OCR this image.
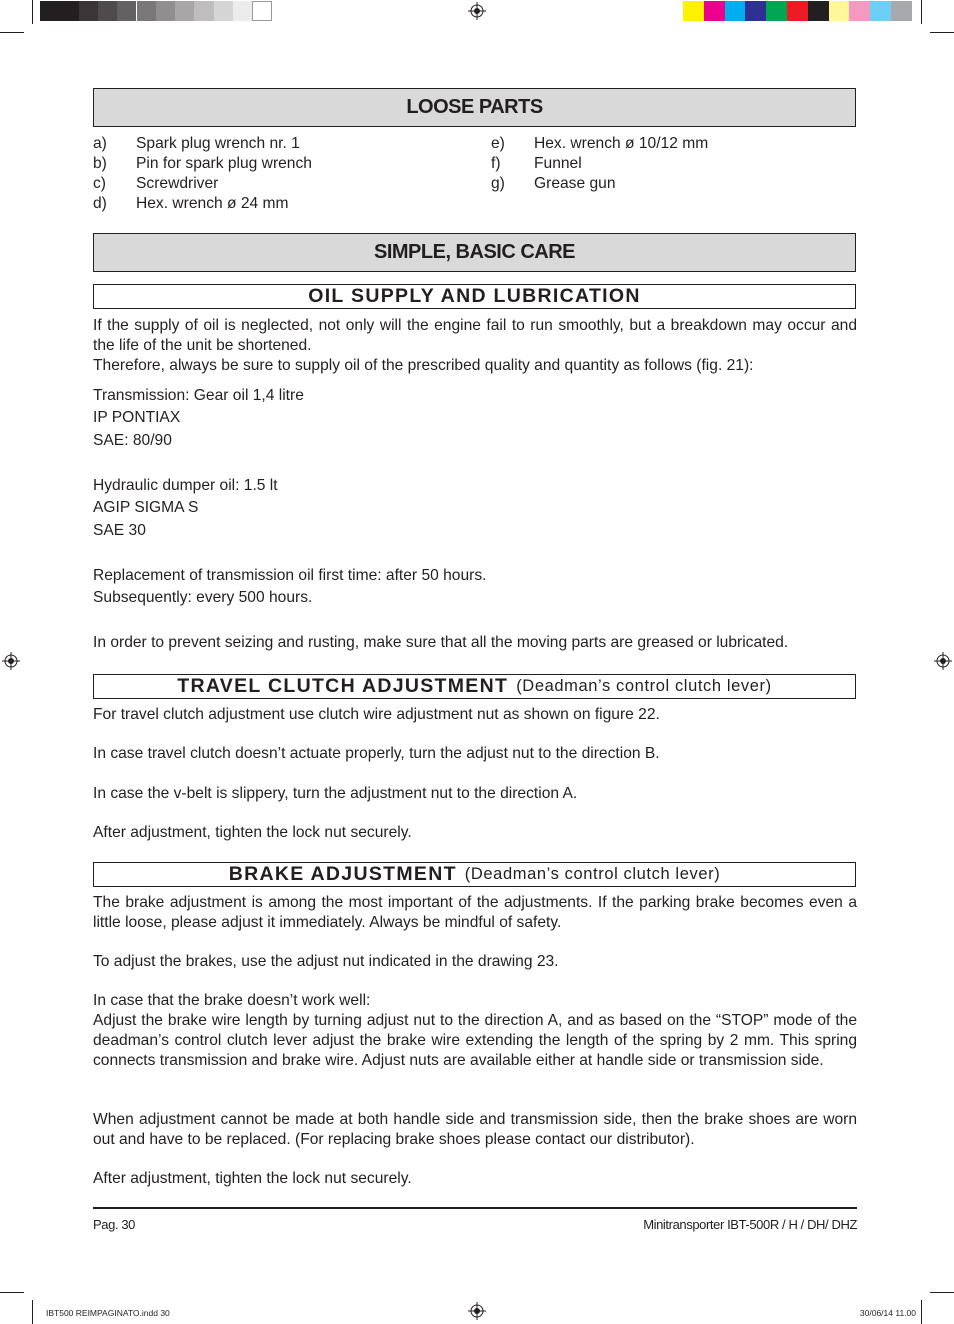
LOOSE PARTS
a)	Spark plug wrench nr. 1
b)	Pin for spark plug wrench
c)	Screwdriver
d)	Hex. wrench ø 24 mm
e)	Hex. wrench ø 10/12 mm
f)	Funnel
g)	Grease gun
SIMPLE, BASIC CARE
OIL SUPPLY AND LUBRICATION
If the supply of oil is neglected, not only will the engine fail to run smoothly, but a breakdown may occur and the life of the unit be shortened.
Therefore, always be sure to supply oil of the prescribed quality and quantity as follows (fig. 21):
Transmission: Gear oil 1,4 litre
IP PONTIAX
SAE: 80/90
Hydraulic dumper oil: 1.5 lt
AGIP SIGMA S
SAE 30
Replacement of transmission oil first time: after 50 hours.
Subsequently: every 500 hours.
In order to prevent seizing and rusting, make sure that all the moving parts are greased or lubricated.
TRAVEL CLUTCH ADJUSTMENT (Deadman’s control clutch lever)
For travel clutch adjustment use clutch wire adjustment nut as shown on figure 22.
In case travel clutch doesn’t actuate properly, turn the adjust nut to the direction B.
In case the v-belt is slippery, turn the adjustment nut to the direction A.
After adjustment, tighten the lock nut securely.
BRAKE ADJUSTMENT (Deadman’s control clutch lever)
The brake adjustment is among the most important of the adjustments. If the parking brake becomes even a little loose, please adjust it immediately. Always be mindful of safety.
To adjust the brakes, use the adjust nut indicated in the drawing 23.
In case that the brake doesn’t work well:
Adjust the brake wire length by turning adjust nut to the direction A, and as based on the “STOP” mode of the deadman’s control clutch lever adjust the brake wire extending the length of the spring by 2 mm. This spring connects transmission and brake wire. Adjust nuts are available either at handle side or transmission side.
When adjustment cannot be made at both handle side and transmission side, then the brake shoes are worn out and have to be replaced. (For replacing brake shoes please contact our distributor).
After adjustment, tighten the lock nut securely.
Pag. 30	Minitransporter IBT-500R / H / DH/ DHZ
IBT500 REIMPAGINATO.indd 30	30/06/14 11.00
